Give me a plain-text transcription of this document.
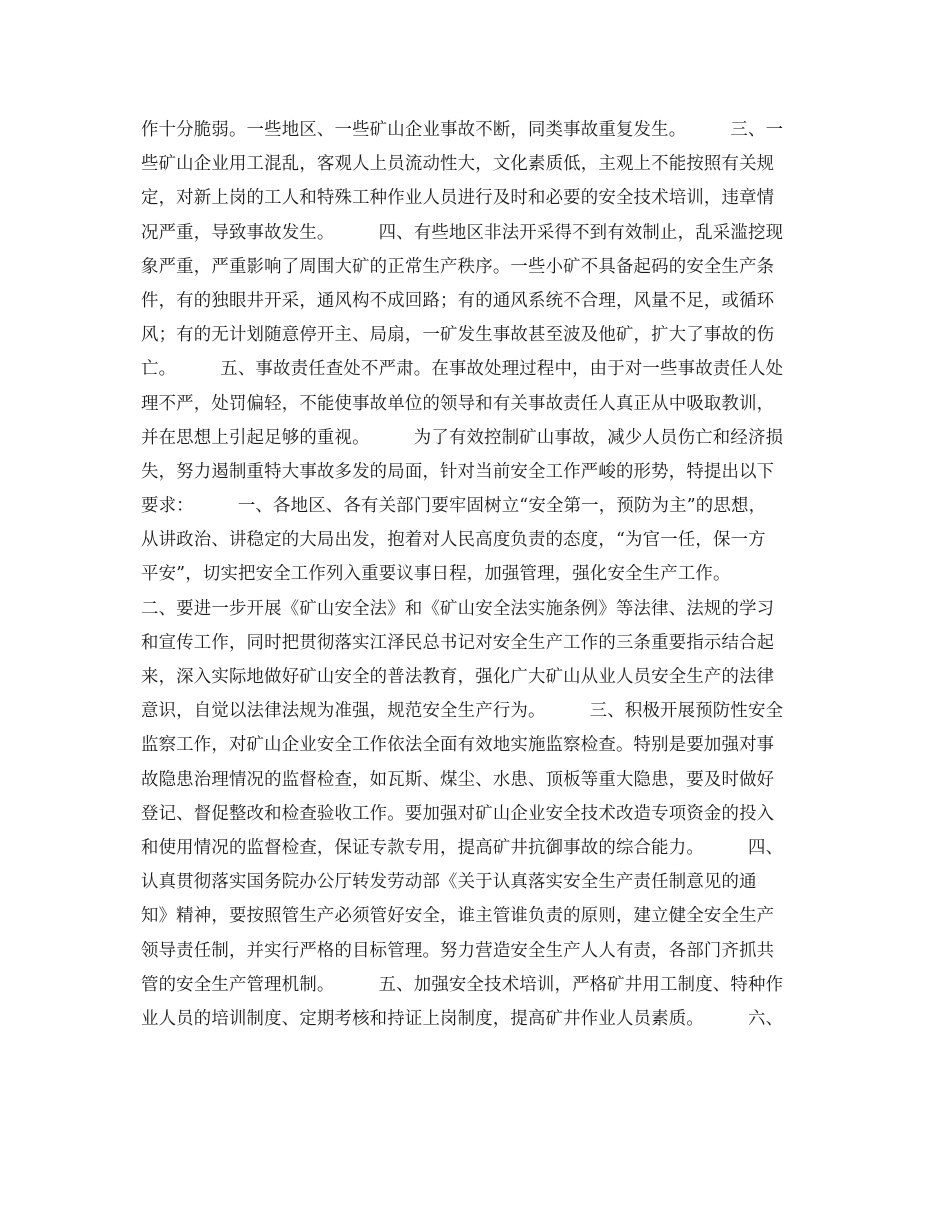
作十分脆弱。一些地区、一些矿山企业事故不断，同类事故重复发生。　　　三、一
些矿山企业用工混乱，客观人上员流动性大，文化素质低，主观上不能按照有关规
定，对新上岗的工人和特殊工种作业人员进行及时和必要的安全技术培训，违章情
况严重，导致事故发生。　　　四、有些地区非法开采得不到有效制止，乱采滥挖现
象严重，严重影响了周围大矿的正常生产秩序。一些小矿不具备起码的安全生产条
件，有的独眼井开采，通风构不成回路；有的通风系统不合理，风量不足，或循环
风；有的无计划随意停开主、局扇，一矿发生事故甚至波及他矿，扩大了事故的伤
亡。　　　五、事故责任查处不严肃。在事故处理过程中，由于对一些事故责任人处
理不严，处罚偏轻，不能使事故单位的领导和有关事故责任人真正从中吸取教训，
并在思想上引起足够的重视。　　　为了有效控制矿山事故，减少人员伤亡和经济损
失，努力遏制重特大事故多发的局面，针对当前安全工作严峻的形势，特提出以下
要求：　　　一、各地区、各有关部门要牢固树立“安全第一，预防为主”的思想，
从讲政治、讲稳定的大局出发，抱着对人民高度负责的态度，“为官一任，保一方
平安”，切实把安全工作列入重要议事日程，加强管理，强化安全生产工作。　　　
二、要进一步开展《矿山安全法》和《矿山安全法实施条例》等法律、法规的学习
和宣传工作，同时把贯彻落实江泽民总书记对安全生产工作的三条重要指示结合起
来，深入实际地做好矿山安全的普法教育，强化广大矿山从业人员安全生产的法律
意识，自觉以法律法规为准强，规范安全生产行为。　　　三、积极开展预防性安全
监察工作，对矿山企业安全工作依法全面有效地实施监察检查。特别是要加强对事
故隐患治理情况的监督检查，如瓦斯、煤尘、水患、顶板等重大隐患，要及时做好
登记、督促整改和检查验收工作。要加强对矿山企业安全技术改造专项资金的投入
和使用情况的监督检查，保证专款专用，提高矿井抗御事故的综合能力。　　　四、
认真贯彻落实国务院办公厅转发劳动部《关于认真落实安全生产责任制意见的通
知》精神，要按照管生产必须管好安全，谁主管谁负责的原则，建立健全安全生产
领导责任制，并实行严格的目标管理。努力营造安全生产人人有责，各部门齐抓共
管的安全生产管理机制。　　　五、加强安全技术培训，严格矿井用工制度、特种作
业人员的培训制度、定期考核和持证上岗制度，提高矿井作业人员素质。　　　六、
